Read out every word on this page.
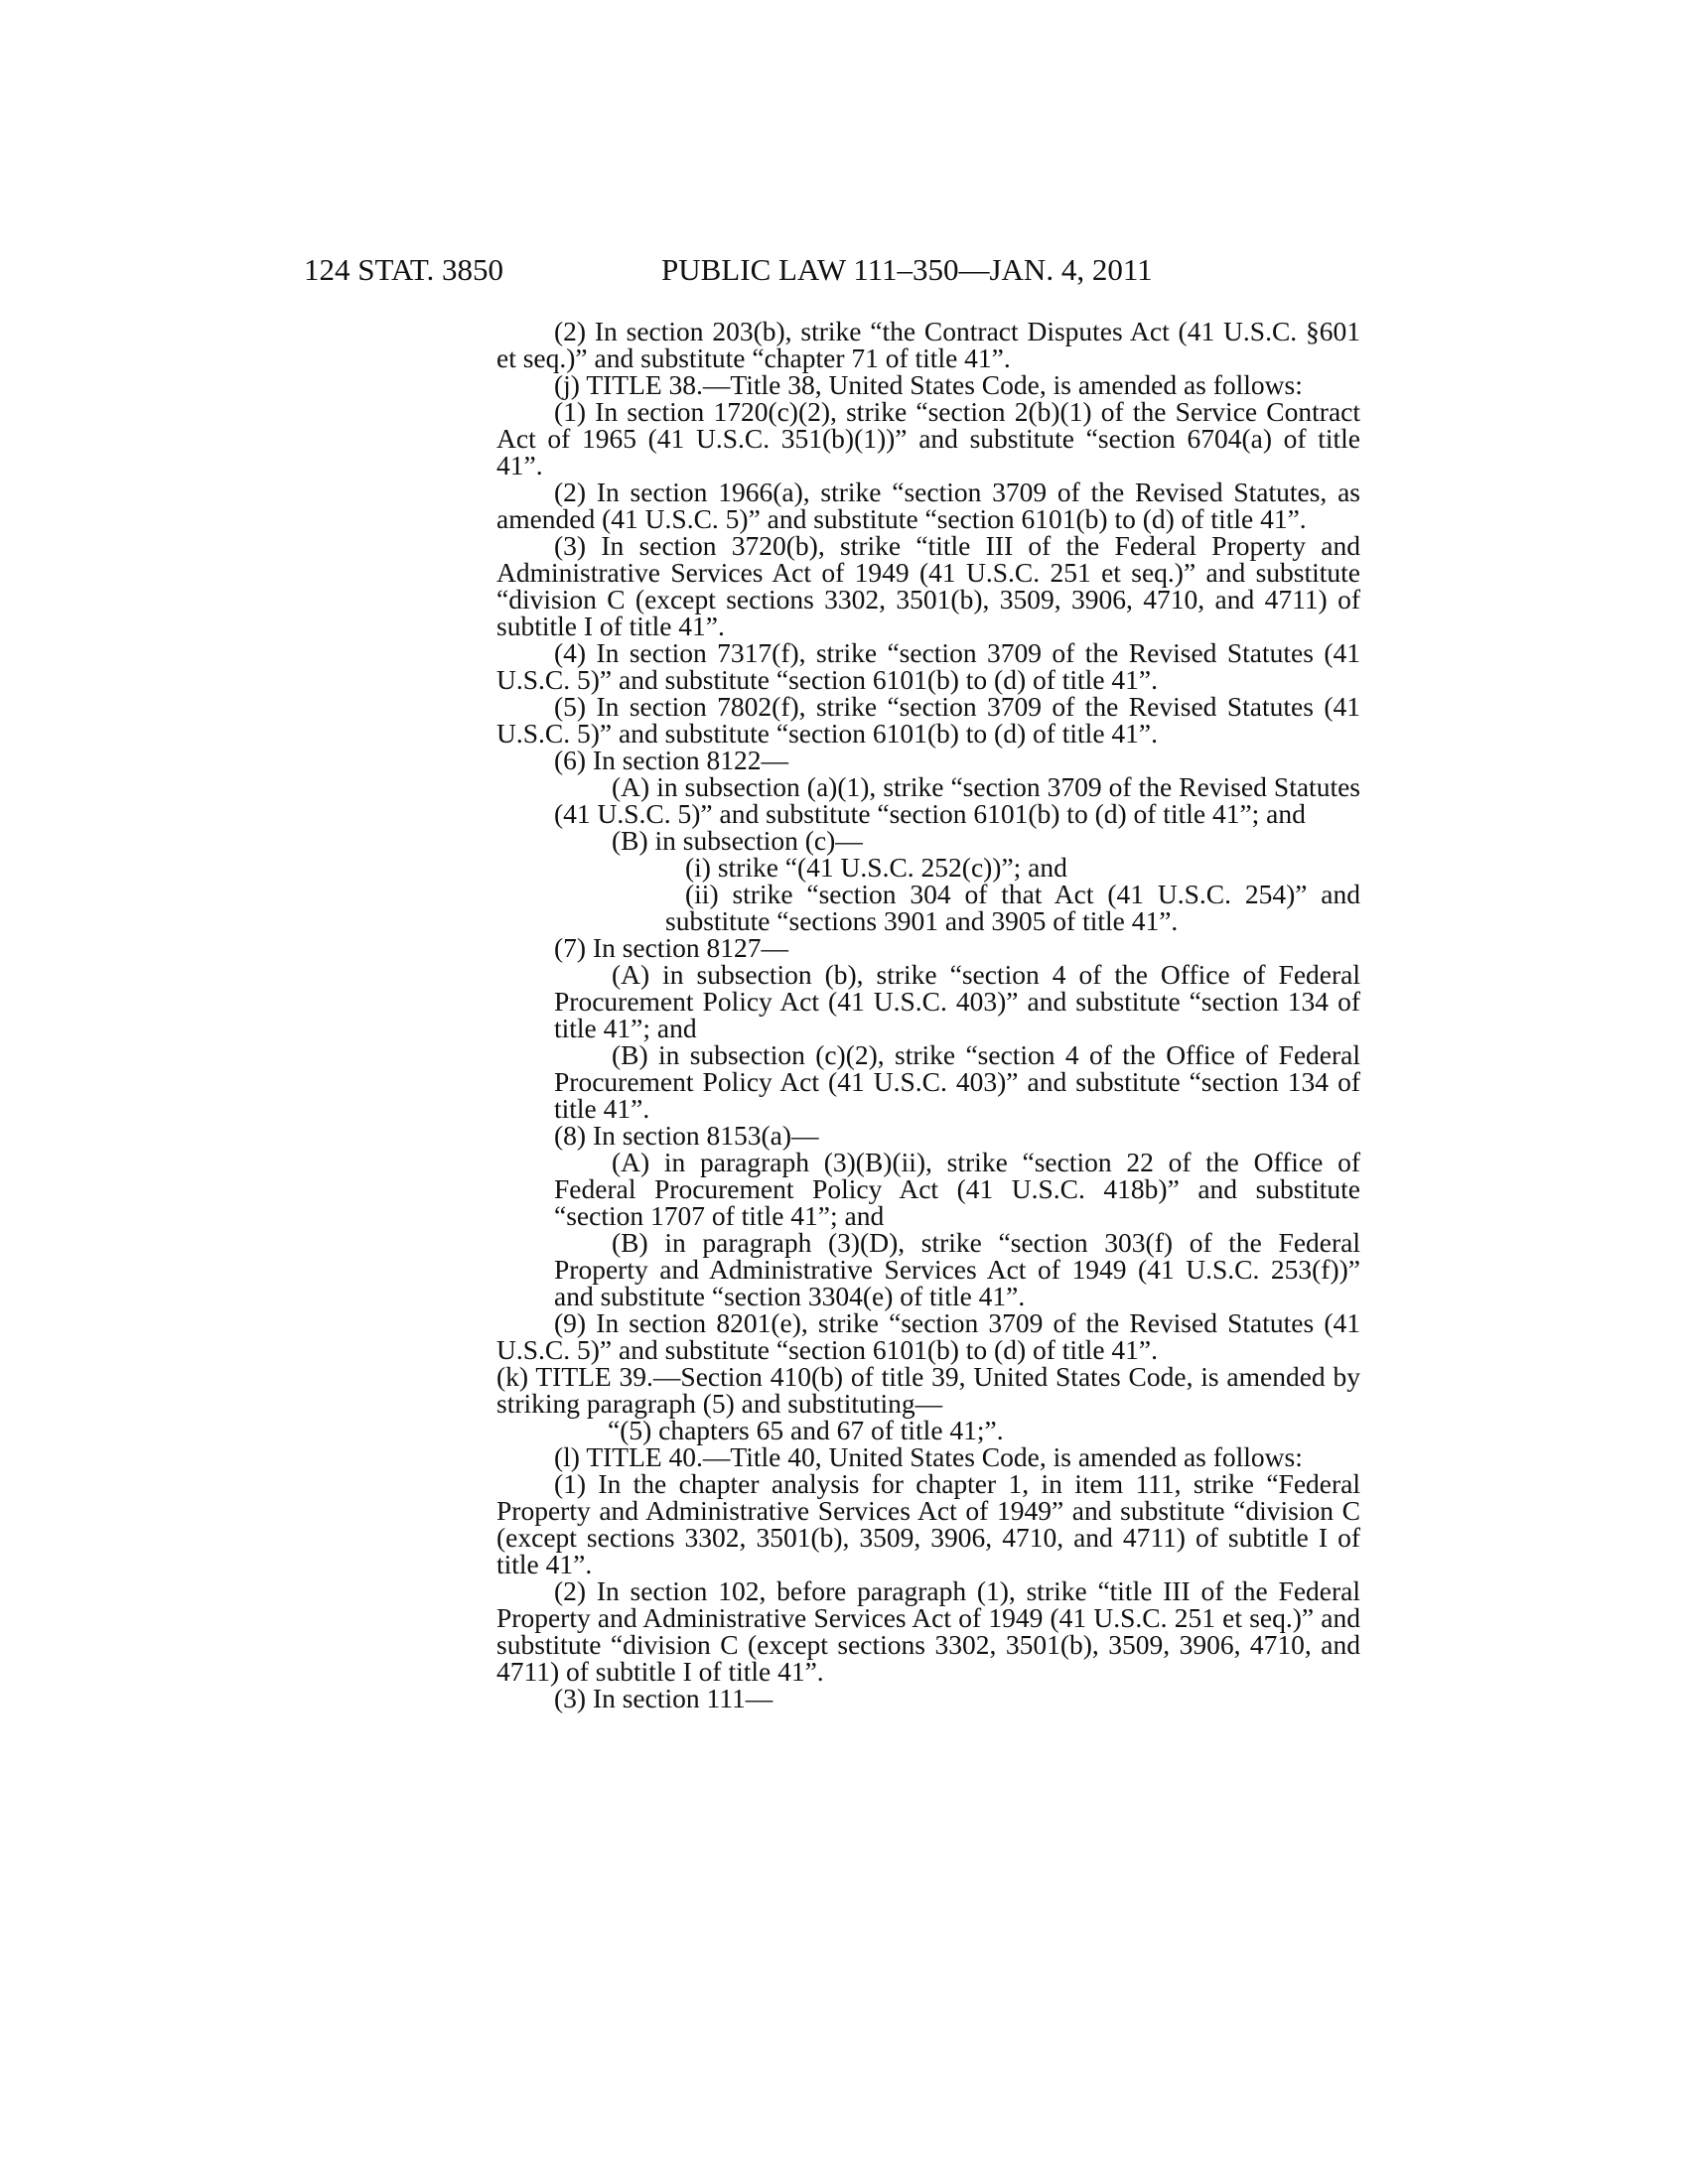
124 STAT. 3850	PUBLIC LAW 111–350—JAN. 4, 2011

(2) In section 203(b), strike “the Contract Disputes Act (41 U.S.C. §601 et seq.)” and substitute “chapter 71 of title 41”.

(j) TITLE 38.—Title 38, United States Code, is amended as follows:

(1) In section 1720(c)(2), strike “section 2(b)(1) of the Service Contract Act of 1965 (41 U.S.C. 351(b)(1))” and substitute “section 6704(a) of title 41”.

(2) In section 1966(a), strike “section 3709 of the Revised Statutes, as amended (41 U.S.C. 5)” and substitute “section 6101(b) to (d) of title 41”.

(3) In section 3720(b), strike “title III of the Federal Property and Administrative Services Act of 1949 (41 U.S.C. 251 et seq.)” and substitute “division C (except sections 3302, 3501(b), 3509, 3906, 4710, and 4711) of subtitle I of title 41”.

(4) In section 7317(f), strike “section 3709 of the Revised Statutes (41 U.S.C. 5)” and substitute “section 6101(b) to (d) of title 41”.

(5) In section 7802(f), strike “section 3709 of the Revised Statutes (41 U.S.C. 5)” and substitute “section 6101(b) to (d) of title 41”.

(6) In section 8122—

(A) in subsection (a)(1), strike “section 3709 of the Revised Statutes (41 U.S.C. 5)” and substitute “section 6101(b) to (d) of title 41”; and

(B) in subsection (c)—

(i) strike “(41 U.S.C. 252(c))”; and

(ii) strike “section 304 of that Act (41 U.S.C. 254)” and substitute “sections 3901 and 3905 of title 41”.

(7) In section 8127—

(A) in subsection (b), strike “section 4 of the Office of Federal Procurement Policy Act (41 U.S.C. 403)” and substitute “section 134 of title 41”; and

(B) in subsection (c)(2), strike “section 4 of the Office of Federal Procurement Policy Act (41 U.S.C. 403)” and substitute “section 134 of title 41”.

(8) In section 8153(a)—

(A) in paragraph (3)(B)(ii), strike “section 22 of the Office of Federal Procurement Policy Act (41 U.S.C. 418b)” and substitute “section 1707 of title 41”; and

(B) in paragraph (3)(D), strike “section 303(f) of the Federal Property and Administrative Services Act of 1949 (41 U.S.C. 253(f))” and substitute “section 3304(e) of title 41”.

(9) In section 8201(e), strike “section 3709 of the Revised Statutes (41 U.S.C. 5)” and substitute “section 6101(b) to (d) of title 41”.

(k) TITLE 39.—Section 410(b) of title 39, United States Code, is amended by striking paragraph (5) and substituting—

“(5) chapters 65 and 67 of title 41;”.

(l) TITLE 40.—Title 40, United States Code, is amended as follows:

(1) In the chapter analysis for chapter 1, in item 111, strike “Federal Property and Administrative Services Act of 1949” and substitute “division C (except sections 3302, 3501(b), 3509, 3906, 4710, and 4711) of subtitle I of title 41”.

(2) In section 102, before paragraph (1), strike “title III of the Federal Property and Administrative Services Act of 1949 (41 U.S.C. 251 et seq.)” and substitute “division C (except sections 3302, 3501(b), 3509, 3906, 4710, and 4711) of subtitle I of title 41”.

(3) In section 111—
